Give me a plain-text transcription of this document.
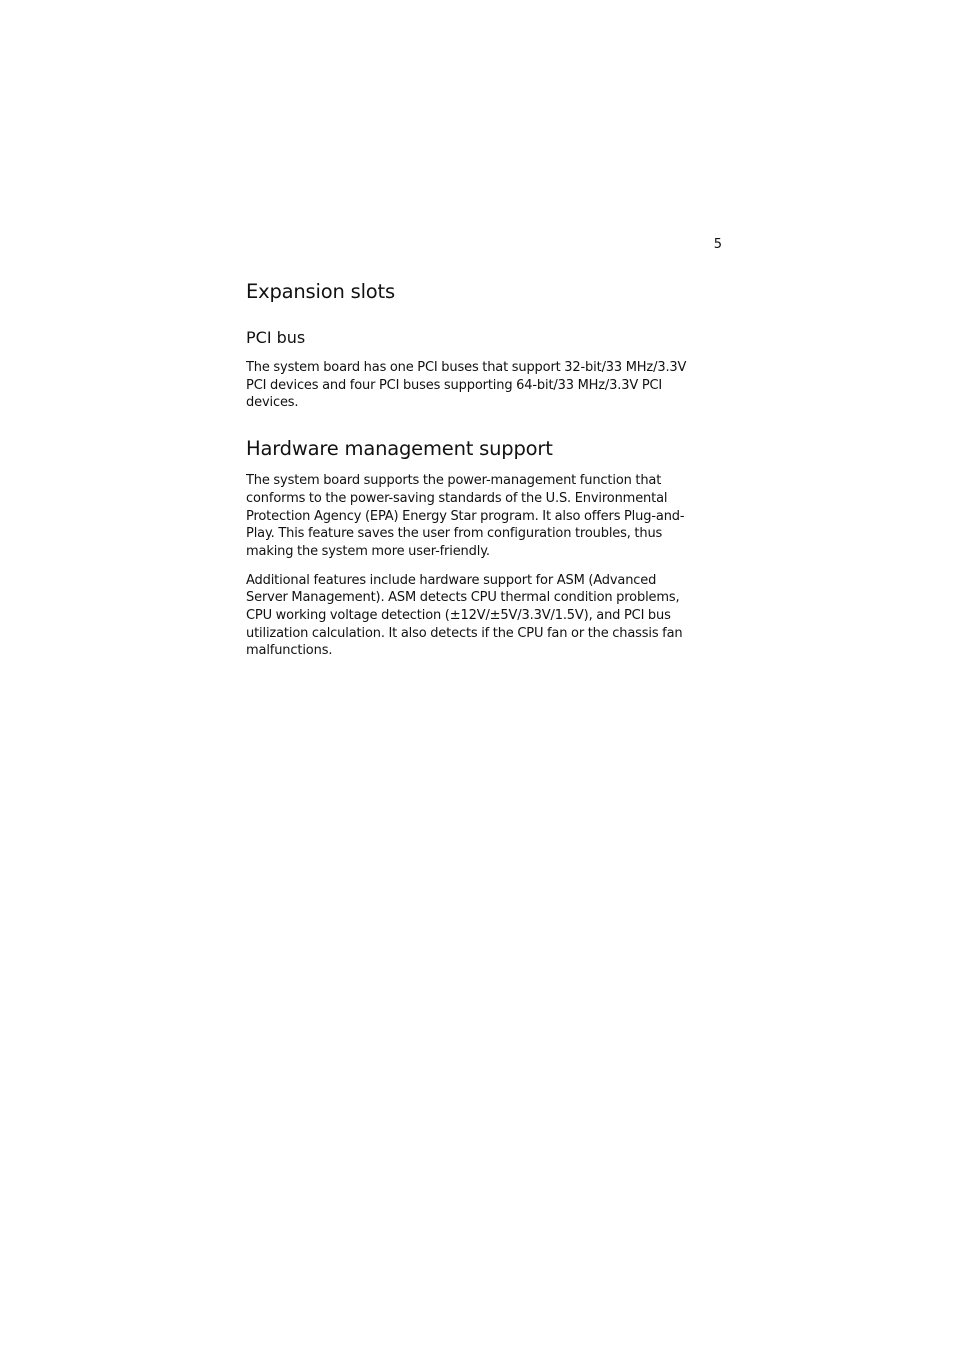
5
Expansion slots
PCI bus

The system board has one PCI buses that support 32-bit/33 MHz/3.3V
PCI devices and four PCI buses supporting 64-bit/33 MHz/3.3V PCI
devices.

Hardware management support

The system board supports the power-management function that
conforms to the power-saving standards of the U.S. Environmental
Protection Agency (EPA) Energy Star program. It also offers Plug-and-
Play. This feature saves the user from configuration troubles, thus
making the system more user-friendly.

Additional features include hardware support for ASM (Advanced
Server Management). ASM detects CPU thermal condition problems,
CPU working voltage detection (±12V/±5V/3.3V/1.5V), and PCI bus
utilization calculation. It also detects if the CPU fan or the chassis fan
malfunctions.
